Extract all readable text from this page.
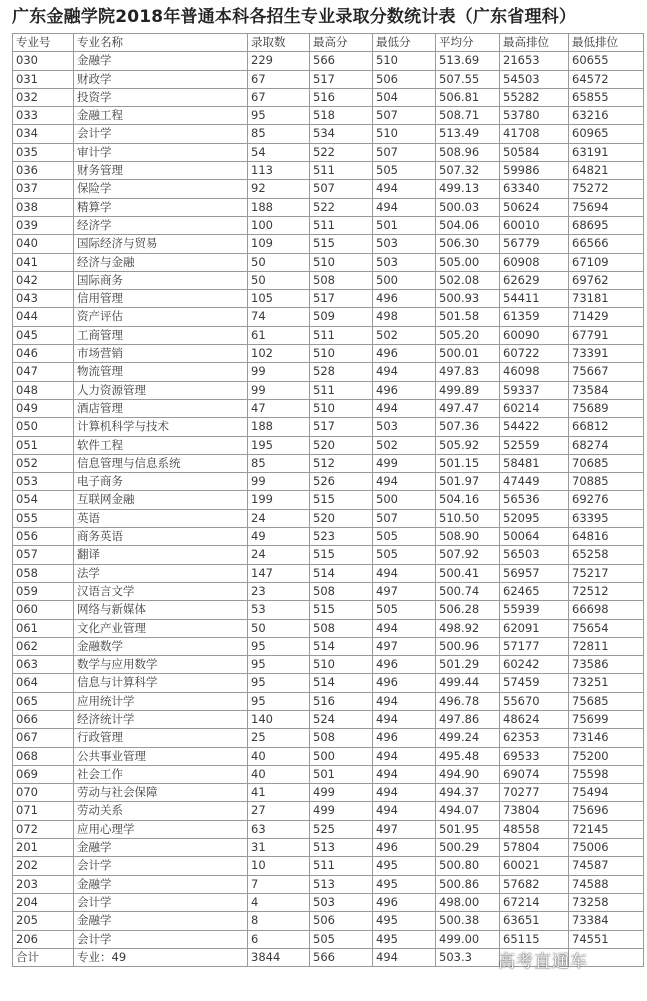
广东金融学院2018年普通本科各招生专业录取分数统计表（广东省理科）
专业号	专业名称	录取数	最高分	最低分	平均分	最高排位	最低排位
030	金融学	229	566	510	513.69	21653	60655
031	财政学	67	517	506	507.55	54503	64572
032	投资学	67	516	504	506.81	55282	65855
033	金融工程	95	518	507	508.71	53780	63216
034	会计学	85	534	510	513.49	41708	60965
035	审计学	54	522	507	508.96	50584	63191
036	财务管理	113	511	505	507.32	59986	64821
037	保险学	92	507	494	499.13	63340	75272
038	精算学	188	522	494	500.03	50624	75694
039	经济学	100	511	501	504.06	60010	68695
040	国际经济与贸易	109	515	503	506.30	56779	66566
041	经济与金融	50	510	503	505.00	60908	67109
042	国际商务	50	508	500	502.08	62629	69762
043	信用管理	105	517	496	500.93	54411	73181
044	资产评估	74	509	498	501.58	61359	71429
045	工商管理	61	511	502	505.20	60090	67791
046	市场营销	102	510	496	500.01	60722	73391
047	物流管理	99	528	494	497.83	46098	75667
048	人力资源管理	99	511	496	499.89	59337	73584
049	酒店管理	47	510	494	497.47	60214	75689
050	计算机科学与技术	188	517	503	507.36	54422	66812
051	软件工程	195	520	502	505.92	52559	68274
052	信息管理与信息系统	85	512	499	501.15	58481	70685
053	电子商务	99	526	494	501.97	47449	70885
054	互联网金融	199	515	500	504.16	56536	69276
055	英语	24	520	507	510.50	52095	63395
056	商务英语	49	523	505	508.90	50064	64816
057	翻译	24	515	505	507.92	56503	65258
058	法学	147	514	494	500.41	56957	75217
059	汉语言文学	23	508	497	500.74	62465	72512
060	网络与新媒体	53	515	505	506.28	55939	66698
061	文化产业管理	50	508	494	498.92	62091	75654
062	金融数学	95	514	497	500.96	57177	72811
063	数学与应用数学	95	510	496	501.29	60242	73586
064	信息与计算科学	95	514	496	499.44	57459	73251
065	应用统计学	95	516	494	496.78	55670	75685
066	经济统计学	140	524	494	497.86	48624	75699
067	行政管理	25	508	496	499.24	62353	73146
068	公共事业管理	40	500	494	495.48	69533	75200
069	社会工作	40	501	494	494.90	69074	75598
070	劳动与社会保障	41	499	494	494.37	70277	75494
071	劳动关系	27	499	494	494.07	73804	75696
072	应用心理学	63	525	497	501.95	48558	72145
201	金融学	31	513	496	500.29	57804	75006
202	会计学	10	511	495	500.80	60021	74587
203	金融学	7	513	495	500.86	57682	74588
204	会计学	4	503	496	498.00	67214	73258
205	金融学	8	506	495	500.38	63651	73384
206	会计学	6	505	495	499.00	65115	74551
合计	专业：49	3844	566	494	503.3		高考直通车
